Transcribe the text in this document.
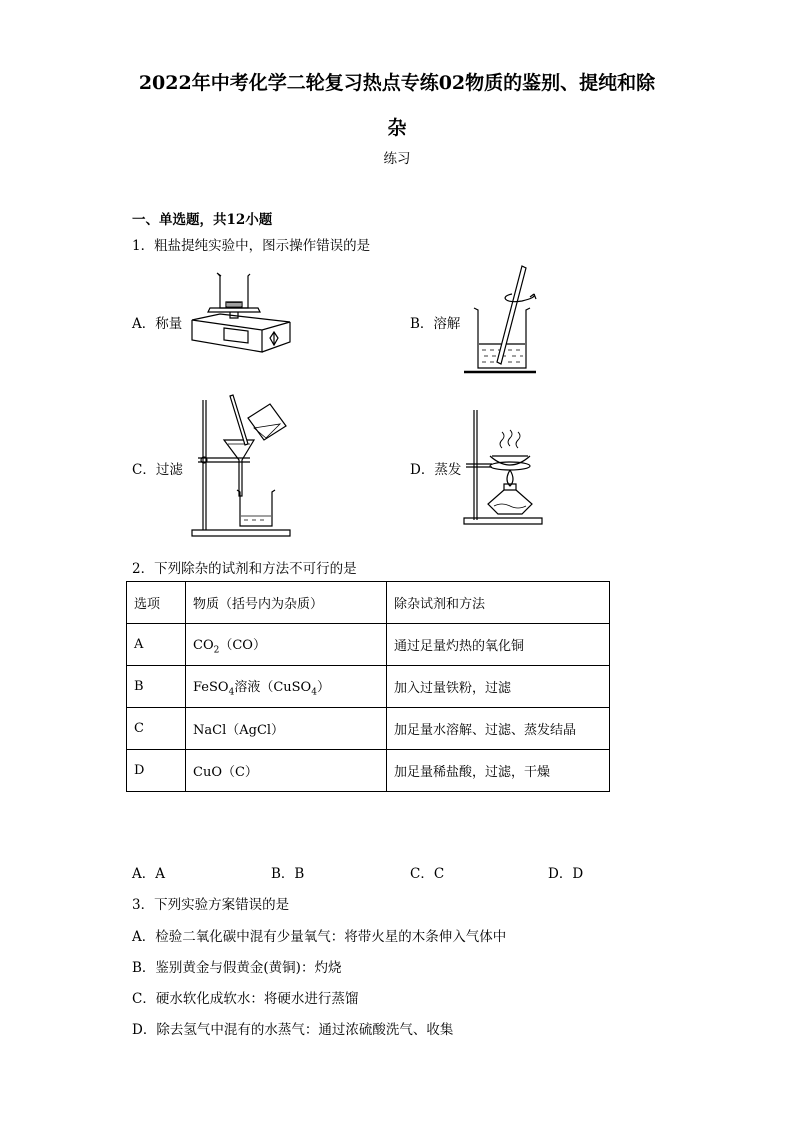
2022年中考化学二轮复习热点专练02物质的鉴别、提纯和除
杂
练习
一、单选题，共12小题
1．粗盐提纯实验中，图示操作错误的是
A．称量	B．溶解
C．过滤	D．蒸发
2．下列除杂的试剂和方法不可行的是
选项	物质（括号内为杂质）	除杂试剂和方法
A	$CO_2(CO)$	通过足量灼热的氧化铜
B	FeSO$_4$溶液（CuSO$_4$）	加入过量铁粉，过滤
C	NaCl（AgCl）	加足量水溶解、过滤、蒸发结晶
D	CuO（C）	加足量稀盐酸，过滤，干燥
A．A	B．B	C．C	D．D
3．下列实验方案错误的是
A．检验二氧化碳中混有少量氧气：将带火星的木条伸入气体中
B．鉴别黄金与假黄金(黄铜)：灼烧
C．硬水软化成软水：将硬水进行蒸馏
D．除去氢气中混有的水蒸气：通过浓硫酸洗气、收集
